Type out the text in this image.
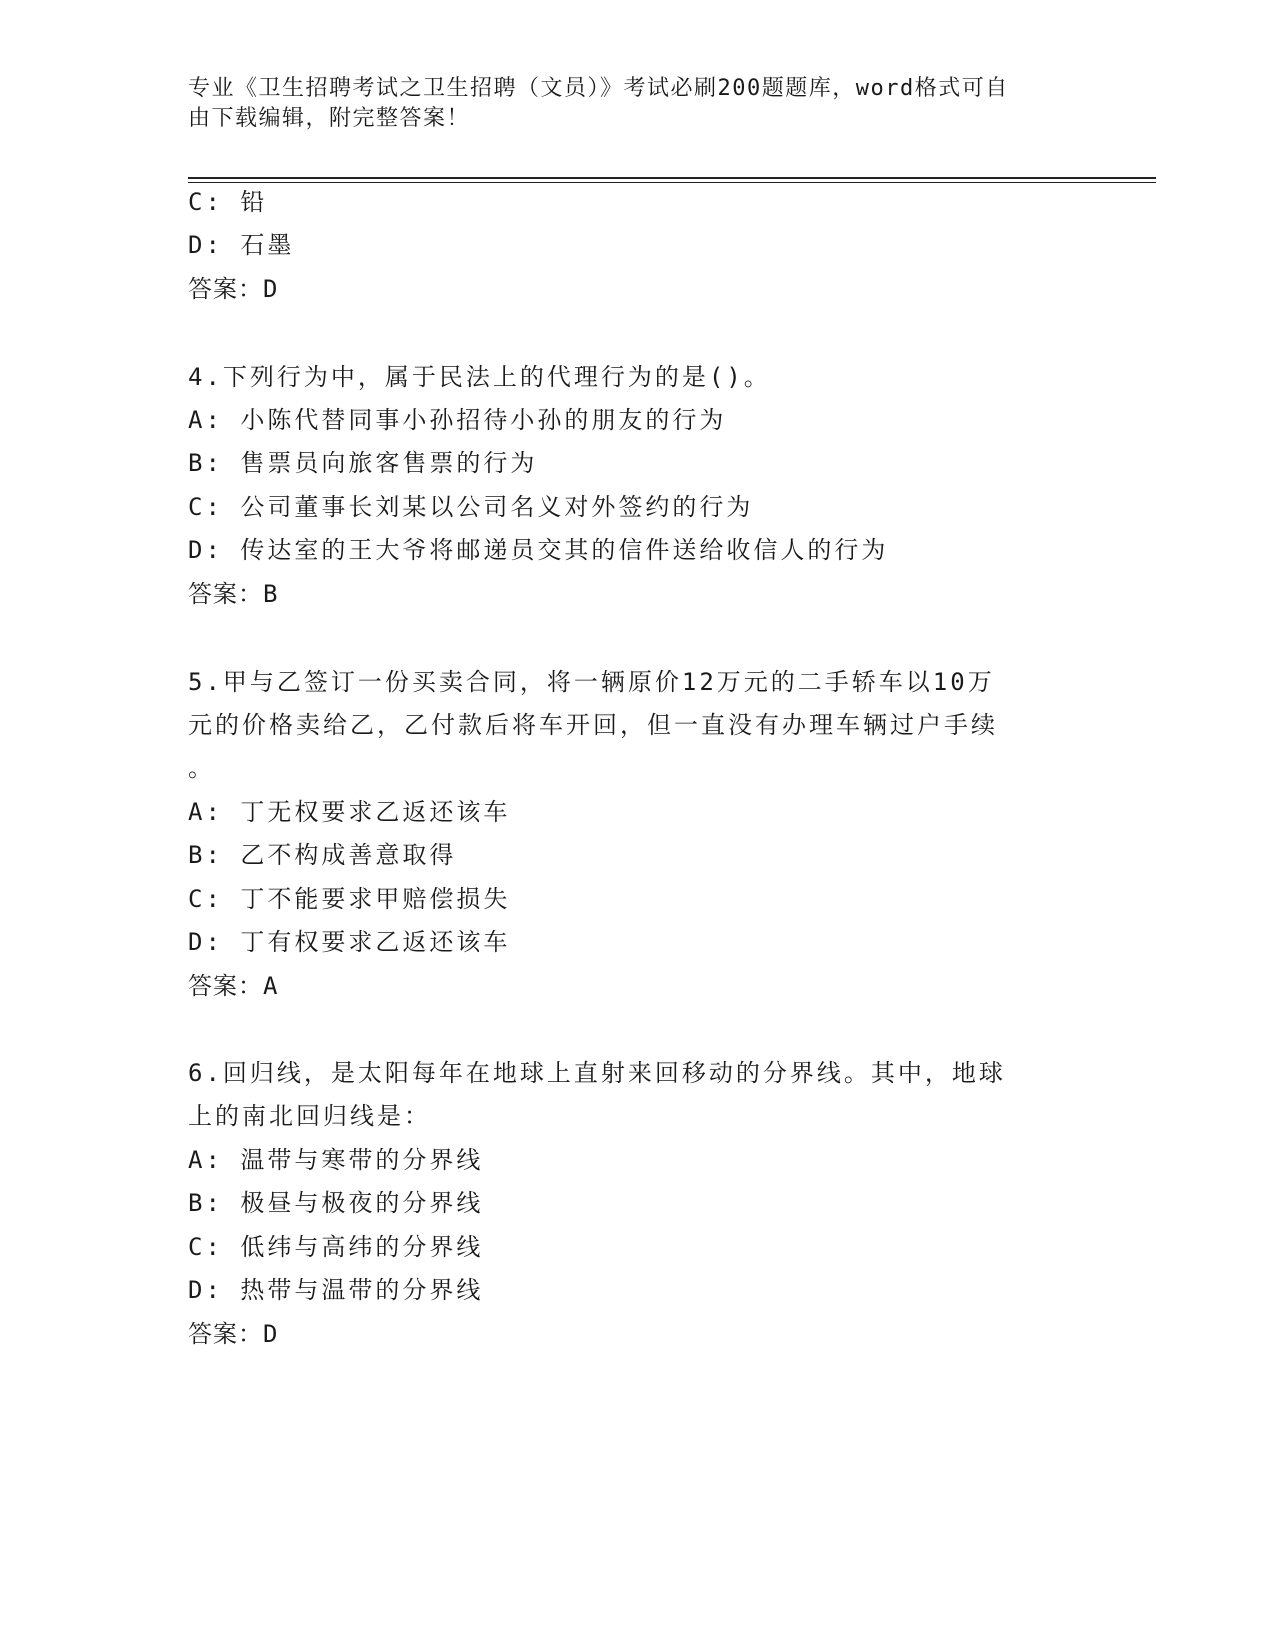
专业《卫生招聘考试之卫生招聘（文员）》考试必刷200题题库，word格式可自
由下载编辑，附完整答案！
C: 铅
D: 石墨
答案：D
4.下列行为中，属于民法上的代理行为的是()。
A: 小陈代替同事小孙招待小孙的朋友的行为
B: 售票员向旅客售票的行为
C: 公司董事长刘某以公司名义对外签约的行为
D: 传达室的王大爷将邮递员交其的信件送给收信人的行为
答案：B
5.甲与乙签订一份买卖合同，将一辆原价12万元的二手轿车以10万
元的价格卖给乙，乙付款后将车开回，但一直没有办理车辆过户手续
。
A: 丁无权要求乙返还该车
B: 乙不构成善意取得
C: 丁不能要求甲赔偿损失
D: 丁有权要求乙返还该车
答案：A
6.回归线，是太阳每年在地球上直射来回移动的分界线。其中，地球
上的南北回归线是：
A: 温带与寒带的分界线
B: 极昼与极夜的分界线
C: 低纬与高纬的分界线
D: 热带与温带的分界线
答案：D
